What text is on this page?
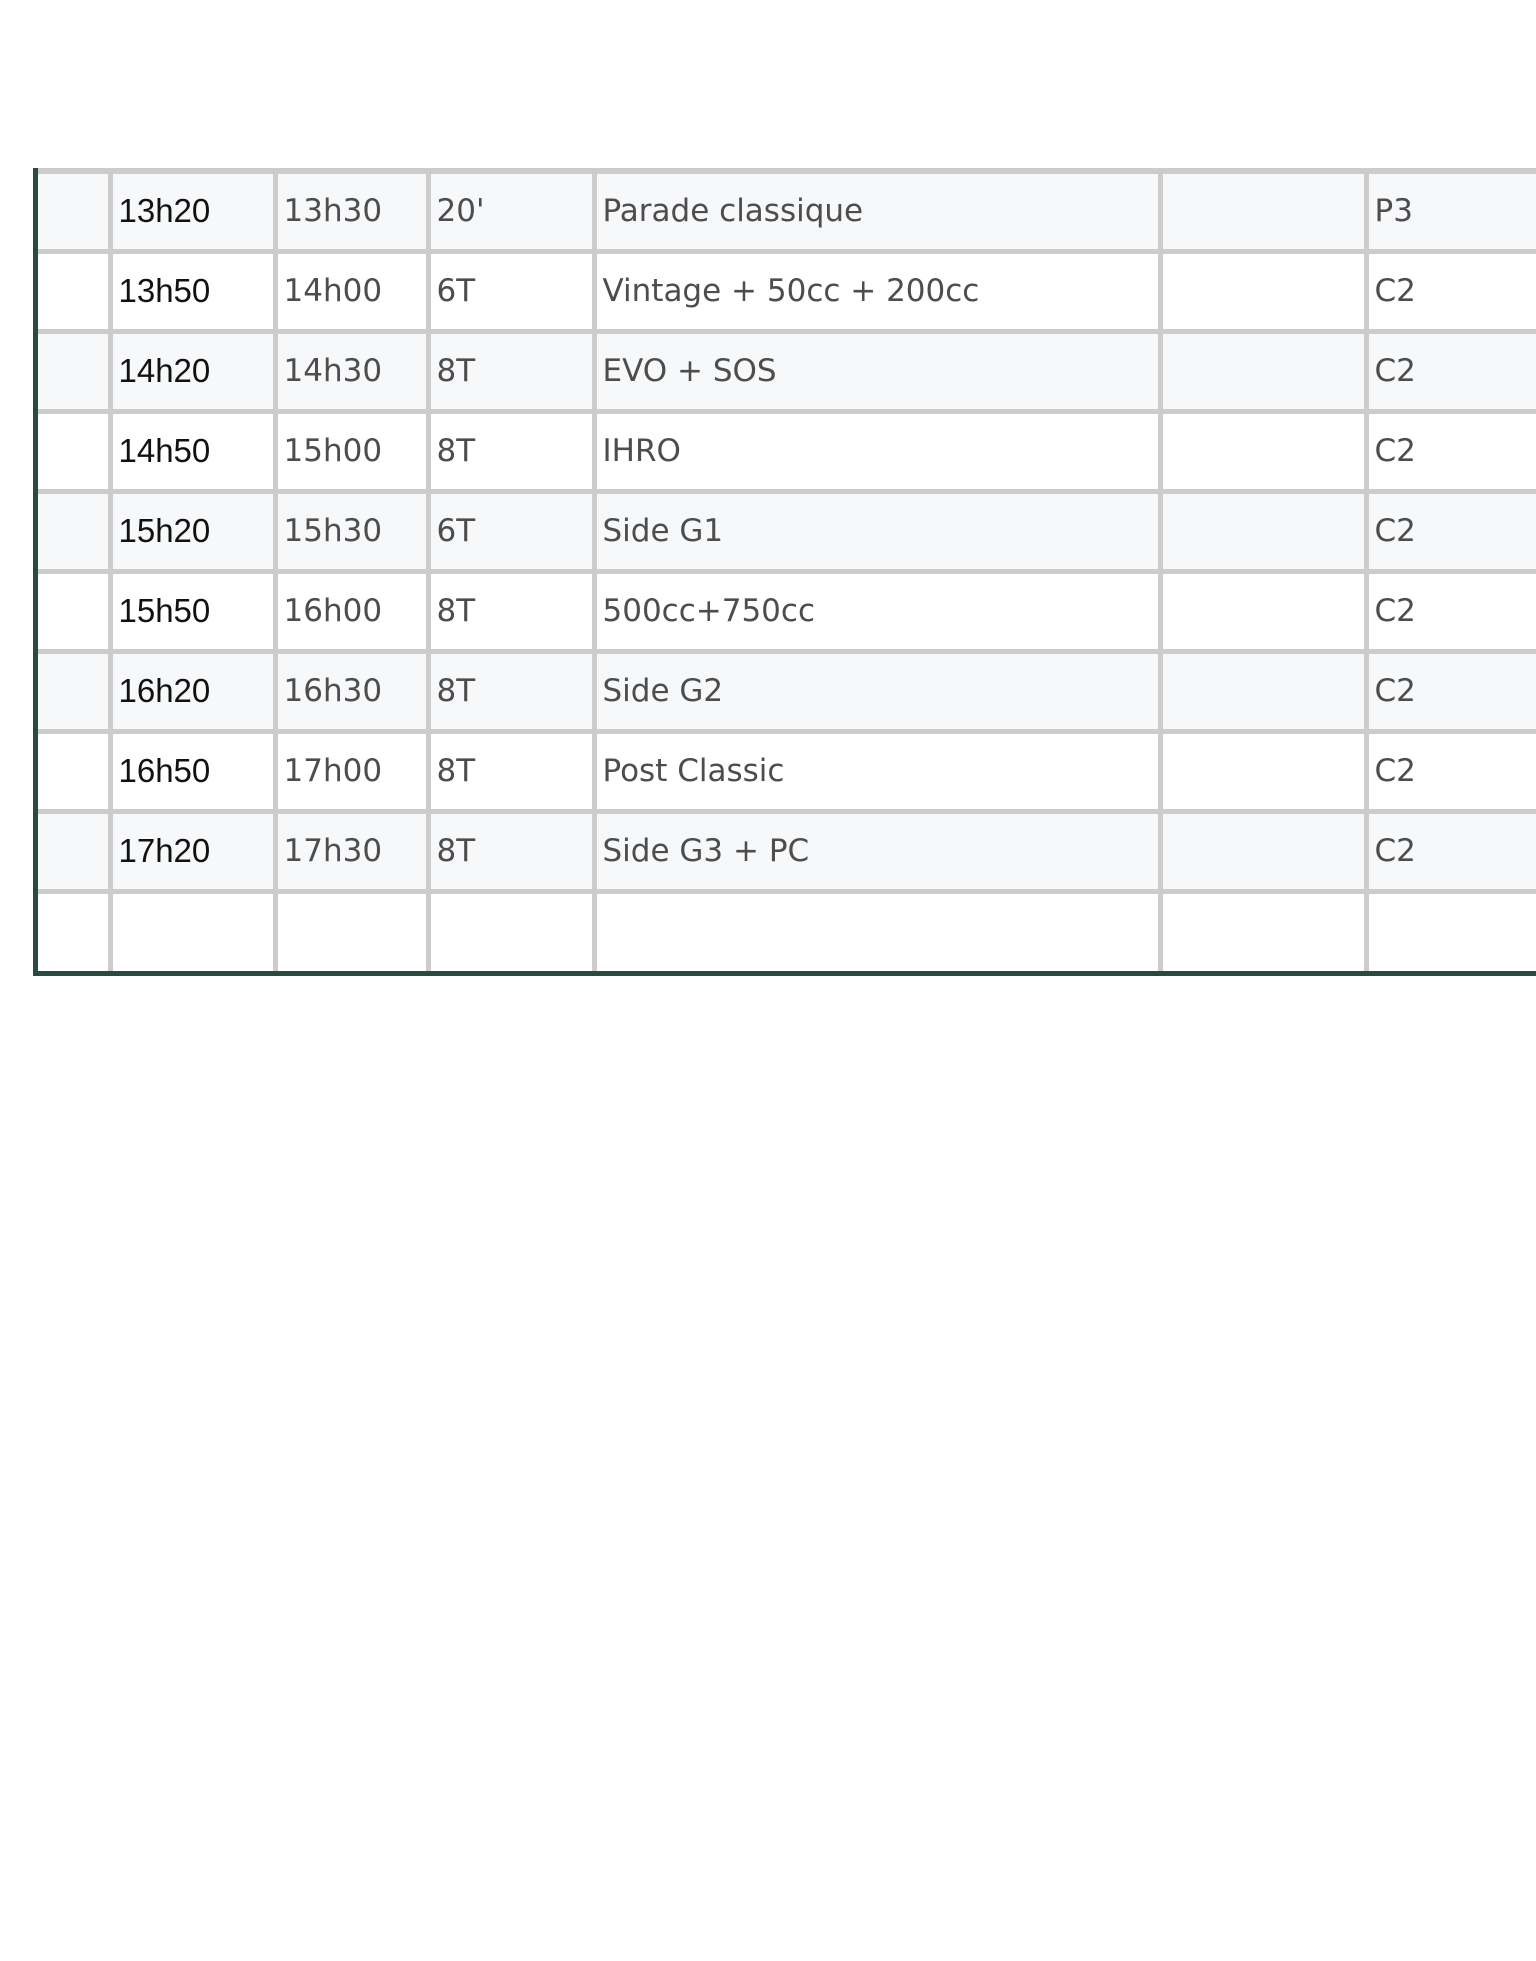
	13h20	13h30	20'	Parade classique		P3
	13h50	14h00	6T	Vintage + 50cc + 200cc		C2
	14h20	14h30	8T	EVO + SOS		C2
	14h50	15h00	8T	IHRO		C2
	15h20	15h30	6T	Side G1		C2
	15h50	16h00	8T	500cc+750cc		C2
	16h20	16h30	8T	Side G2		C2
	16h50	17h00	8T	Post Classic		C2
	17h20	17h30	8T	Side G3 + PC		C2
